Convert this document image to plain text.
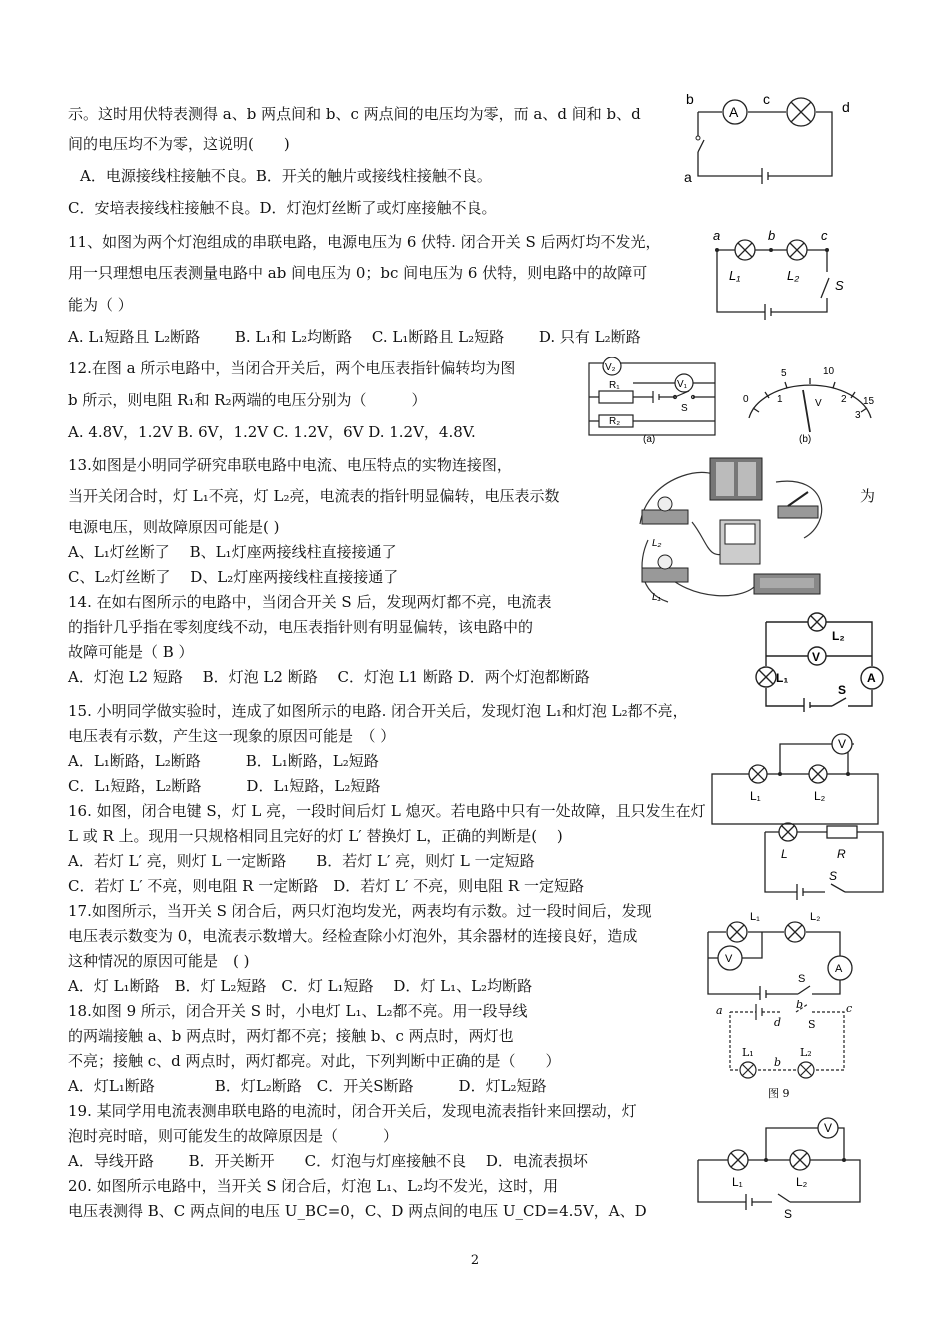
示。这时用伏特表测得 a、b 两点间和 b、c 两点间的电压均为零，而 a、d 间和 b、d
间的电压均不为零，这说明(　　)
A．电源接线柱接触不良。B．开关的触片或接线柱接触不良。
C．安培表接线柱接触不良。D．灯泡灯丝断了或灯座接触不良。
11、如图为两个灯泡组成的串联电路，电源电压为 6 伏特. 闭合开关 S 后两灯均不发光，
用一只理想电压表测量电路中 ab 间电压为 0；bc 间电压为 6 伏特，则电路中的故障可
能为（ ）
A. L₁短路且 L₂断路　　 B. L₁和 L₂均断路　 C. L₁断路且 L₂短路　　 D. 只有 L₂断路
12.在图 a 所示电路中，当闭合开关后，两个电压表指针偏转均为图
b 所示，则电阻 R₁和 R₂两端的电压分别为（　　　）
A. 4.8V，1.2V B. 6V，1.2V C. 1.2V，6V D. 1.2V，4.8V.
13.如图是小明同学研究串联电路中电流、电压特点的实物连接图，
当开关闭合时，灯 L₁不亮，灯 L₂亮，电流表的指针明显偏转，电压表示数	为
电源电压，则故障原因可能是( )
A、L₁灯丝断了　 B、L₁灯座两接线柱直接接通了
C、L₂灯丝断了　 D、L₂灯座两接线柱直接接通了
14. 在如右图所示的电路中，当闭合开关 S 后，发现两灯都不亮，电流表
的指针几乎指在零刻度线不动，电压表指针则有明显偏转，该电路中的
故障可能是（ B ）
A．灯泡 L2 短路　 B．灯泡 L2 断路　 C．灯泡 L1 断路 D．两个灯泡都断路
15. 小明同学做实验时，连成了如图所示的电路. 闭合开关后，发现灯泡 L₁和灯泡 L₂都不亮，
电压表有示数，产生这一现象的原因可能是　（ ）
A．L₁断路，L₂断路　　　B．L₁断路，L₂短路
C．L₁短路，L₂断路　　　D．L₁短路，L₂短路
16. 如图，闭合电键 S，灯 L 亮，一段时间后灯 L 熄灭。若电路中只有一处故障，且只发生在灯
L 或 R 上。现用一只规格相同且完好的灯 L′ 替换灯 L，正确的判断是(　 )
A．若灯 L′ 亮，则灯 L 一定断路　　B．若灯 L′ 亮，则灯 L 一定短路
C．若灯 L′ 不亮，则电阻 R 一定断路　D．若灯 L′ 不亮，则电阻 R 一定短路
17.如图所示，当开关 S 闭合后，两只灯泡均发光，两表均有示数。过一段时间后，发现
电压表示数变为 0，电流表示数增大。经检查除小灯泡外，其余器材的连接良好，造成
这种情况的原因可能是　( )
A．灯 L₁断路　B．灯 L₂短路　C．灯 L₁短路　 D．灯 L₁、L₂均断路
18.如图 9 所示，闭合开关 S 时，小电灯 L₁、L₂都不亮。用一段导线
的两端接触 a、b 两点时，两灯都不亮；接触 b、c 两点时，两灯也
不亮；接触 c、d 两点时，两灯都亮。对此，下列判断中正确的是（　　）
A．灯L₁断路　　　　B．灯L₂断路　C．开关S断路　　　D．灯L₂短路
19. 某同学用电流表测串联电路的电流时，闭合开关后，发现电流表指针来回摆动，灯
泡时亮时暗，则可能发生的故障原因是（　　　）
A．导线开路　　 B．开关断开　　C．灯泡与灯座接触不良　 D．电流表损坏
20. 如图所示电路中，当开关 S 闭合后，灯泡 L₁、L₂均不发光，这时，用
电压表测得 B、C 两点间的电压 U_BC=0，C、D 两点间的电压 U_CD=4.5V，A、D
2
A
b	c	d
a
a	b	c
L₁	L₂
S
V₂
V₁
R₁
R₂
S
(a)
0
5	10
15
1	2
3
V
(b)
L₂
L₁
L₂
V
L₁	A
S
V
L₁	L₂
L	R
S
L₁	L₂
V
A
S
a
d
b	c
S
L₁	L₂
b
图 9
V
L₁	L₂
S
